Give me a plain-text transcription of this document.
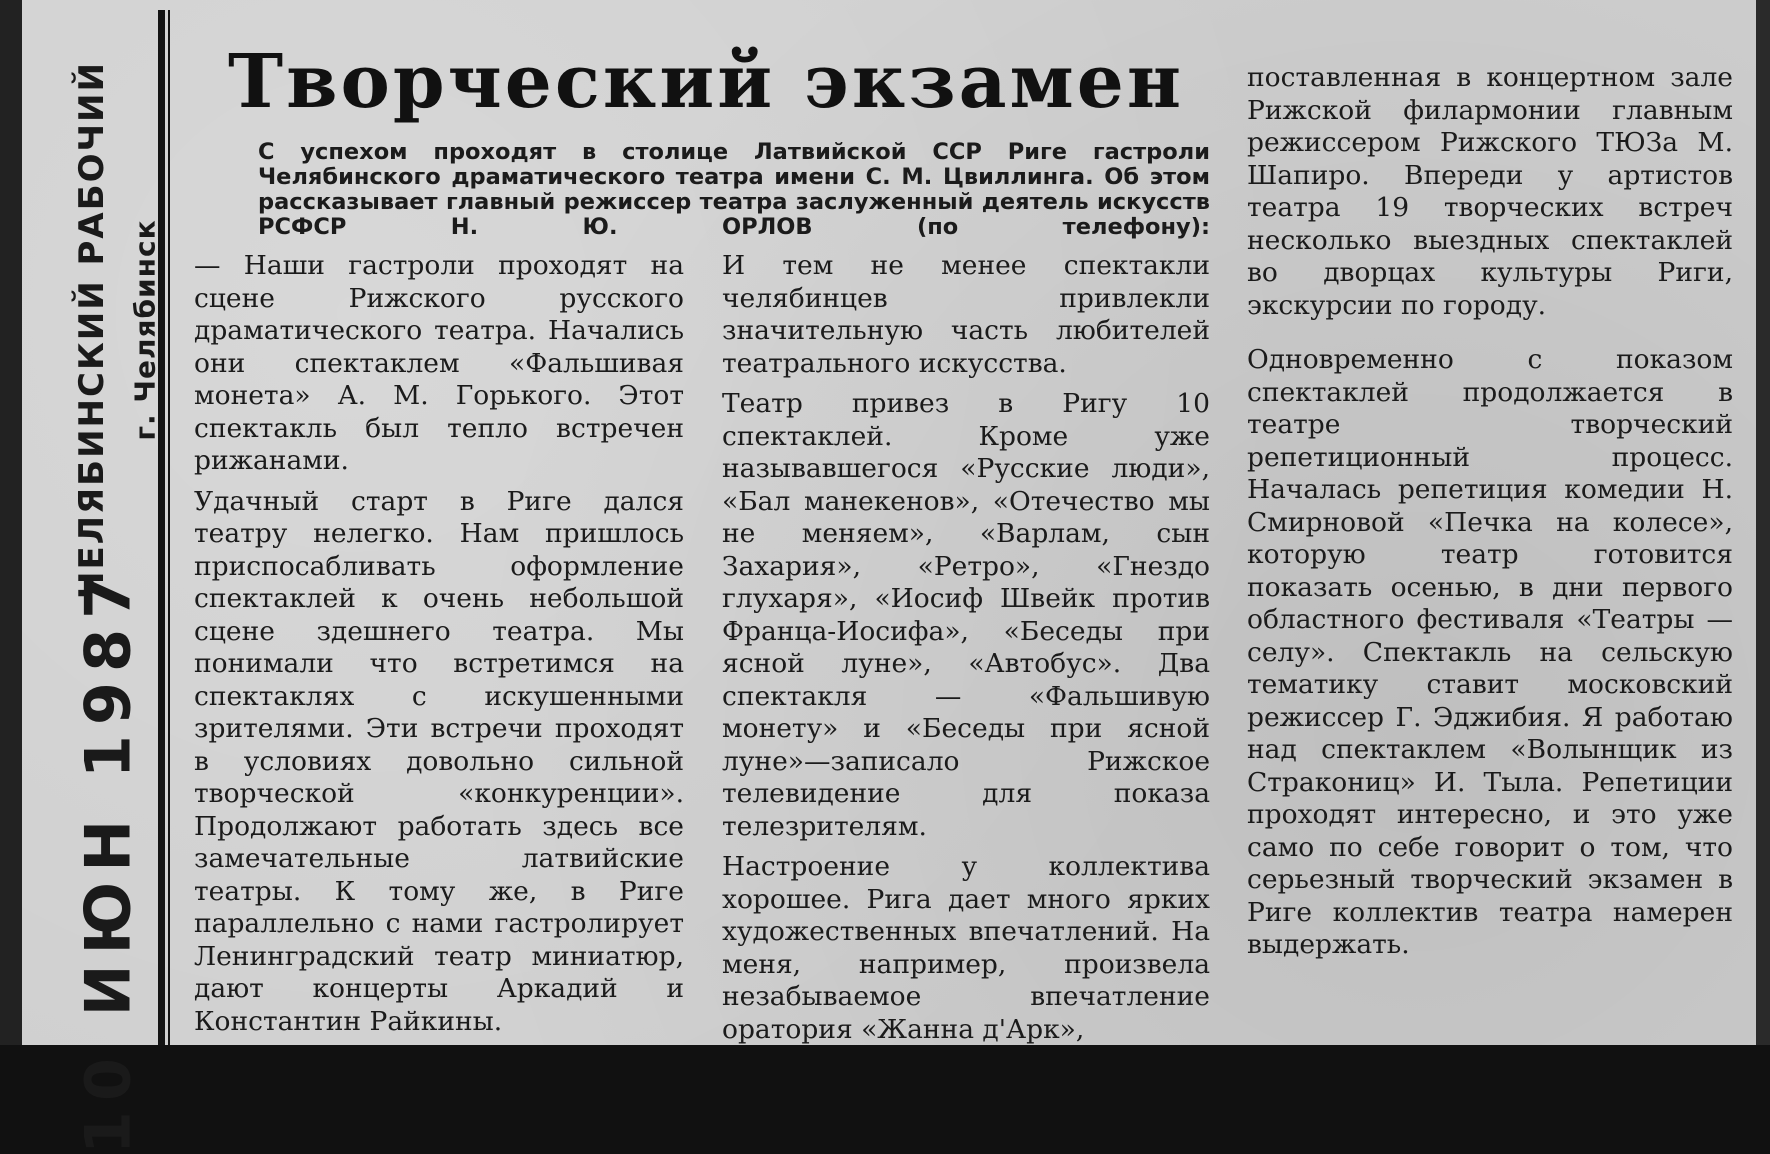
ЧЕЛЯБИНСКИЙ РАБОЧИЙ г. Челябинск
10 ИЮН 1987
Творческий экзамен
С успехом проходят в столице Латвийской ССР Риге гастроли Челябинского драматического театра имени С. М. Цвиллинга. Об этом рассказывает главный режиссер театра заслуженный деятель искусств РСФСР Н. Ю. ОРЛОВ (по телефону):

— Наши гастроли проходят на сцене Рижского русского драматического театра. Начались они спектаклем «Фальшивая монета» А. М. Горького. Этот спектакль был тепло встречен рижанами.

Удачный старт в Риге дался театру нелегко. Нам пришлось приспосабливать оформление спектаклей к очень небольшой сцене здешнего театра. Мы понимали что встретимся на спектаклях с искушенными зрителями. Эти встречи проходят в условиях довольно сильной творческой «конкуренции». Продолжают работать здесь все замечательные латвийские театры. К тому же, в Риге параллельно с нами гастролирует Ленинградский театр миниатюр, дают концерты Аркадий и Константин Райкины.

И тем не менее спектакли челябинцев привлекли значительную часть любителей театрального искусства.

Театр привез в Ригу 10 спектаклей. Кроме уже называвшегося «Русские люди», «Бал манекенов», «Отечество мы не меняем», «Варлам, сын Захария», «Ретро», «Гнездо глухаря», «Иосиф Швейк против Франца-Иосифа», «Беседы при ясной луне», «Автобус». Два спектакля — «Фальшивую монету» и «Беседы при ясной луне»—записало Рижское телевидение для показа телезрителям.

Настроение у коллектива хорошее. Рига дает много ярких художественных впечатлений. На меня, например, произвела незабываемое впечатление оратория «Жанна д'Арк»,

поставленная в концертном зале Рижской филармонии главным режиссером Рижского ТЮЗа М. Шапиро. Впереди у артистов театра 19 творческих встреч несколько выездных спектаклей во дворцах культуры Риги, экскурсии по городу.

Одновременно с показом спектаклей продолжается в театре творческий репетиционный процесс. Началась репетиция комедии Н. Смирновой «Печка на колесе», которую театр готовится показать осенью, в дни первого областного фестиваля «Театры — селу». Спектакль на сельскую тематику ставит московский режиссер Г. Эджибия. Я работаю над спектаклем «Волынщик из Стракониц» И. Тыла. Репетиции проходят интересно, и это уже само по себе говорит о том, что серьезный творческий экзамен в Риге коллектив театра намерен выдержать.
